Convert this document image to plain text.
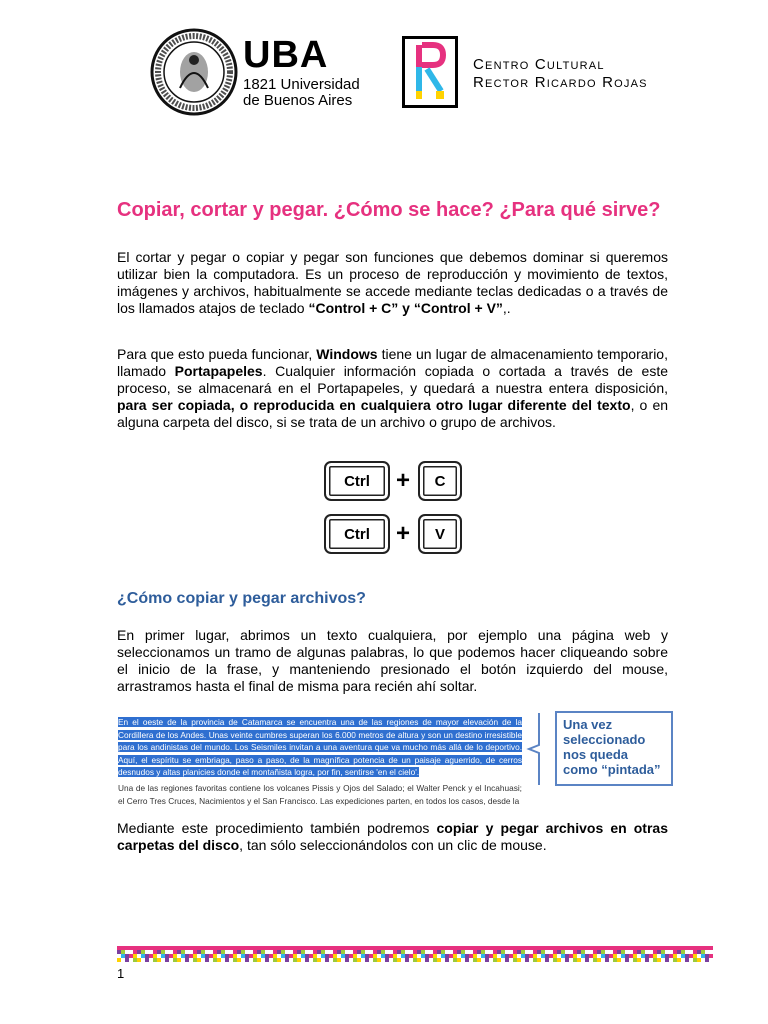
UBA
1821 Universidad
de Buenos Aires
Centro Cultural
Rector Ricardo Rojas
Copiar, cortar y pegar. ¿Cómo se hace? ¿Para qué sirve?

El cortar y pegar o copiar y pegar son funciones que debemos dominar si queremos utilizar bien la computadora. Es un proceso de reproducción y movimiento de textos, imágenes y archivos, habitualmente se accede mediante teclas dedicadas o a través de los llamados atajos de teclado “Control + C” y “Control + V”,.

Para que esto pueda funcionar, Windows tiene un lugar de almacenamiento temporario, llamado Portapapeles. Cualquier información copiada o cortada a través de este proceso, se almacenará en el Portapapeles, y quedará a nuestra entera disposición, para ser copiada, o reproducida en cualquiera otro lugar diferente del texto, o en alguna carpeta del disco, si se trata de un archivo o grupo de archivos.

Ctrl	+	C
Ctrl	+	V
¿Cómo copiar y pegar archivos?

En primer lugar, abrimos un texto cualquiera, por ejemplo una página web y seleccionamos un tramo de algunas palabras, lo que podemos hacer cliqueando sobre el inicio de la frase, y manteniendo presionado el botón izquierdo del mouse, arrastramos hasta el final de misma para recién ahí soltar.

En el oeste de la provincia de Catamarca se encuentra una de las regiones de mayor elevación de la Cordillera de los Andes. Unas veinte cumbres superan los 6.000 metros de altura y son un destino irresistible para los andinistas del mundo. Los Seismiles invitan a una aventura que va mucho más allá de lo deportivo. Aquí, el espíritu se embriaga, paso a paso, de la magnífica potencia de un paisaje aguerrido, de cerros desnudos y altas planicies donde el montañista logra, por fin, sentirse 'en el cielo'.
Una de las regiones favoritas contiene los volcanes Pissis y Ojos del Salado; el Walter Penck y el Incahuasi; el Cerro Tres Cruces, Nacimientos y el San Francisco. Las expediciones parten, en todos los casos, desde la
Una vez seleccionado nos queda como “pintada”

Mediante este procedimiento también podremos copiar y pegar archivos en otras carpetas del disco, tan sólo seleccionándolos con un clic de mouse.

1
